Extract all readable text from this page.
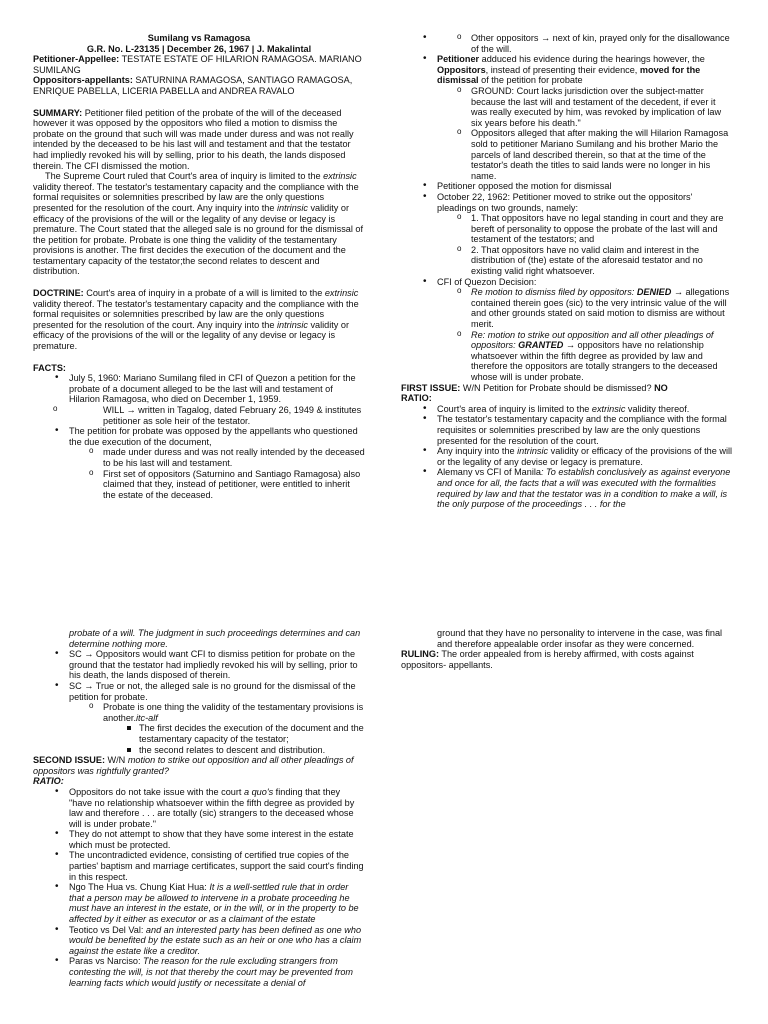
Sumilang vs Ramagosa

G.R. No. L-23135 | December 26, 1967 | J. Makalintal

Petitioner-Appellee: TESTATE ESTATE OF HILARION RAMAGOSA. MARIANO SUMILANG

Oppositors-appellants: SATURNINA RAMAGOSA, SANTIAGO RAMAGOSA, ENRIQUE PABELLA, LICERIA PABELLA and ANDREA RAVALO

SUMMARY: Petitioner filed petition of the probate of the will of the deceased however it was opposed by the oppositors who filed a motion to dismiss the probate on the ground that such will was made under duress and was not really intended by the deceased to be his last will and testament and that the testator had impliedly revoked his will by selling, prior to his death, the lands disposed therein. The CFI dismissed the motion.

The Supreme Court ruled that Court's area of inquiry is limited to the extrinsic validity thereof. The testator's testamentary capacity and the compliance with the formal requisites or solemnities prescribed by law are the only questions presented for the resolution of the court. Any inquiry into the intrinsic validity or efficacy of the provisions of the will or the legality of any devise or legacy is premature. The Court stated that the alleged sale is no ground for the dismissal of the petition for probate. Probate is one thing the validity of the testamentary provisions is another. The first decides the execution of the document and the testamentary capacity of the testator;the second relates to descent and distribution.

DOCTRINE: Court's area of inquiry in a probate of a will is limited to the extrinsic validity thereof. The testator's testamentary capacity and the compliance with the formal requisites or solemnities prescribed by law are the only questions presented for the resolution of the court. Any inquiry into the intrinsic validity or efficacy of the provisions of the will or the legality of any devise or legacy is premature.

FACTS:

• July 5, 1960: Mariano Sumilang filed in CFI of Quezon a petition for the probate of a document alleged to be the last will and testament of Hilarion Ramagosa, who died on December 1, 1959.
o WILL → written in Tagalog, dated February 26, 1949 & institutes petitioner as sole heir of the testator.
• The petition for probate was opposed by the appellants who questioned the due execution of the document,
o made under duress and was not really intended by the deceased to be his last will and testament.
o First set of oppositors (Saturnino and Santiago Ramagosa) also claimed that they, instead of petitioner, were entitled to inherit the estate of the deceased.
o • Other oppositors → next of kin, prayed only for the disallowance of the will.
• Petitioner adduced his evidence during the hearings however, the Oppositors, instead of presenting their evidence, moved for the dismissal of the petition for probate
o GROUND: Court lacks jurisdiction over the subject-matter because the last will and testament of the decedent, if ever it was really executed by him, was revoked by implication of law six years before his death."
o Oppositors alleged that after making the will Hilarion Ramagosa sold to petitioner Mariano Sumilang and his brother Mario the parcels of land described therein, so that at the time of the testator's death the titles to said lands were no longer in his name.
• Petitioner opposed the motion for dismissal
• October 22, 1962: Petitioner moved to strike out the oppositors' pleadings on two grounds, namely:
o 1. That oppositors have no legal standing in court and they are bereft of personality to oppose the probate of the last will and testament of the testators; and
o 2. That oppositors have no valid claim and interest in the distribution of (the) estate of the aforesaid testator and no existing valid right whatsoever.
• CFI of Quezon Decision:
o Re motion to dismiss filed by oppositors: DENIED → allegations contained therein goes (sic) to the very intrinsic value of the will and other grounds stated on said motion to dismiss are without merit.
o Re: motion to strike out opposition and all other pleadings of oppositors: GRANTED → oppositors have no relationship whatsoever within the fifth degree as provided by law and therefore the oppositors are totally strangers to the deceased whose will is under probate.

FIRST ISSUE: W/N Petition for Probate should be dismissed? NO

RATIO:

• Court's area of inquiry is limited to the extrinsic validity thereof.
• The testator's testamentary capacity and the compliance with the formal requisites or solemnities prescribed by law are the only questions presented for the resolution of the court.
• Any inquiry into the intrinsic validity or efficacy of the provisions of the will or the legality of any devise or legacy is premature.
• Alemany vs CFI of Manila: To establish conclusively as against everyone and once for all, the facts that a will was executed with the formalities required by law and that the testator was in a condition to make a will, is the only purpose of the proceedings . . . for the

probate of a will. The judgment in such proceedings determines and can determine nothing more.

• SC → Oppositors would want CFI to dismiss petition for probate on the ground that the testator had impliedly revoked his will by selling, prior to his death, the lands disposed of therein.
• SC → True or not, the alleged sale is no ground for the dismissal of the petition for probate.
o Probate is one thing the validity of the testamentary provisions is another.itc-alf
The first decides the execution of the document and the testamentary capacity of the testator;
the second relates to descent and distribution.

SECOND ISSUE: W/N motion to strike out opposition and all other pleadings of oppositors was rightfully granted?

RATIO:

• Oppositors do not take issue with the court a quo's finding that they "have no relationship whatsoever within the fifth degree as provided by law and therefore . . . are totally (sic) strangers to the deceased whose will is under probate."
• They do not attempt to show that they have some interest in the estate which must be protected.
• The uncontradicted evidence, consisting of certified true copies of the parties' baptism and marriage certificates, support the said court's finding in this respect.
• Ngo The Hua vs. Chung Kiat Hua: It is a well-settled rule that in order that a person may be allowed to intervene in a probate proceeding he must have an interest in the estate, or in the will, or in the property to be affected by it either as executor or as a claimant of the estate
• Teotico vs Del Val: and an interested party has been defined as one who would be benefited by the estate such as an heir or one who has a claim against the estate like a creditor.
• Paras vs Narciso: The reason for the rule excluding strangers from contesting the will, is not that thereby the court may be prevented from learning facts which would justify or necessitate a denial of

ground that they have no personality to intervene in the case, was final and therefore appealable order insofar as they were concerned.

RULING: The order appealed from is hereby affirmed, with costs against oppositors- appellants.
